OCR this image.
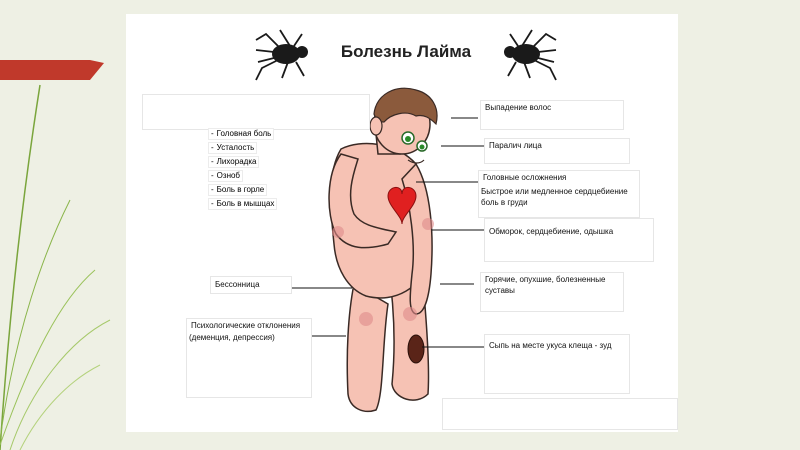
Болезнь Лайма
- Головная боль
- Усталость
- Лихорадка
- Озноб
- Боль в горле
- Боль в мышцах
Выпадение волос
Паралич лица
Головные осложнения
Быстрое или медленное сердцебиение
боль в груди
Обморок, сердцебиение, одышка
Горячие, опухшие, болезненные
суставы
Сыпь на месте укуса клеща - зуд
Бессонница
Психологические отклонения
(деменция, депрессия)
